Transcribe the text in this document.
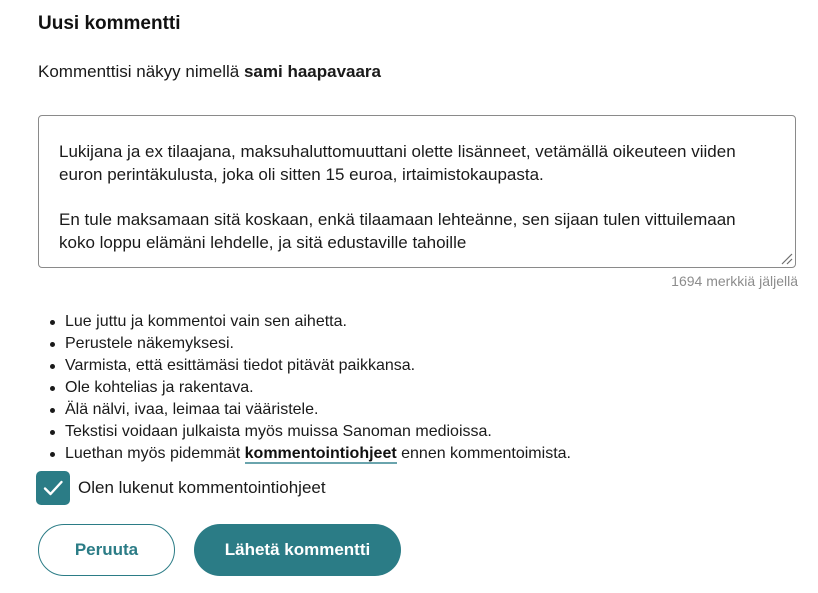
Uusi kommentti
Kommenttisi näkyy nimellä sami haapavaara

Lukijana ja ex tilaajana, maksuhaluttomuuttani olette lisänneet, vetämällä oikeuteen viiden euron perintäkulusta, joka oli sitten 15 euroa, irtaimistokaupasta.

En tule maksamaan sitä koskaan, enkä tilaamaan lehteänne, sen sijaan tulen vittuilemaan koko loppu elämäni lehdelle, ja sitä edustaville tahoille

1694 merkkiä jäljellä
Lue juttu ja kommentoi vain sen aihetta.
Perustele näkemyksesi.
Varmista, että esittämäsi tiedot pitävät paikkansa.
Ole kohtelias ja rakentava.
Älä nälvi, ivaa, leimaa tai vääristele.
Tekstisi voidaan julkaista myös muissa Sanoman medioissa.
Luethan myös pidemmät kommentointiohjeet ennen kommentoimista.
Olen lukenut kommentointiohjeet
Peruuta	Lähetä kommentti
